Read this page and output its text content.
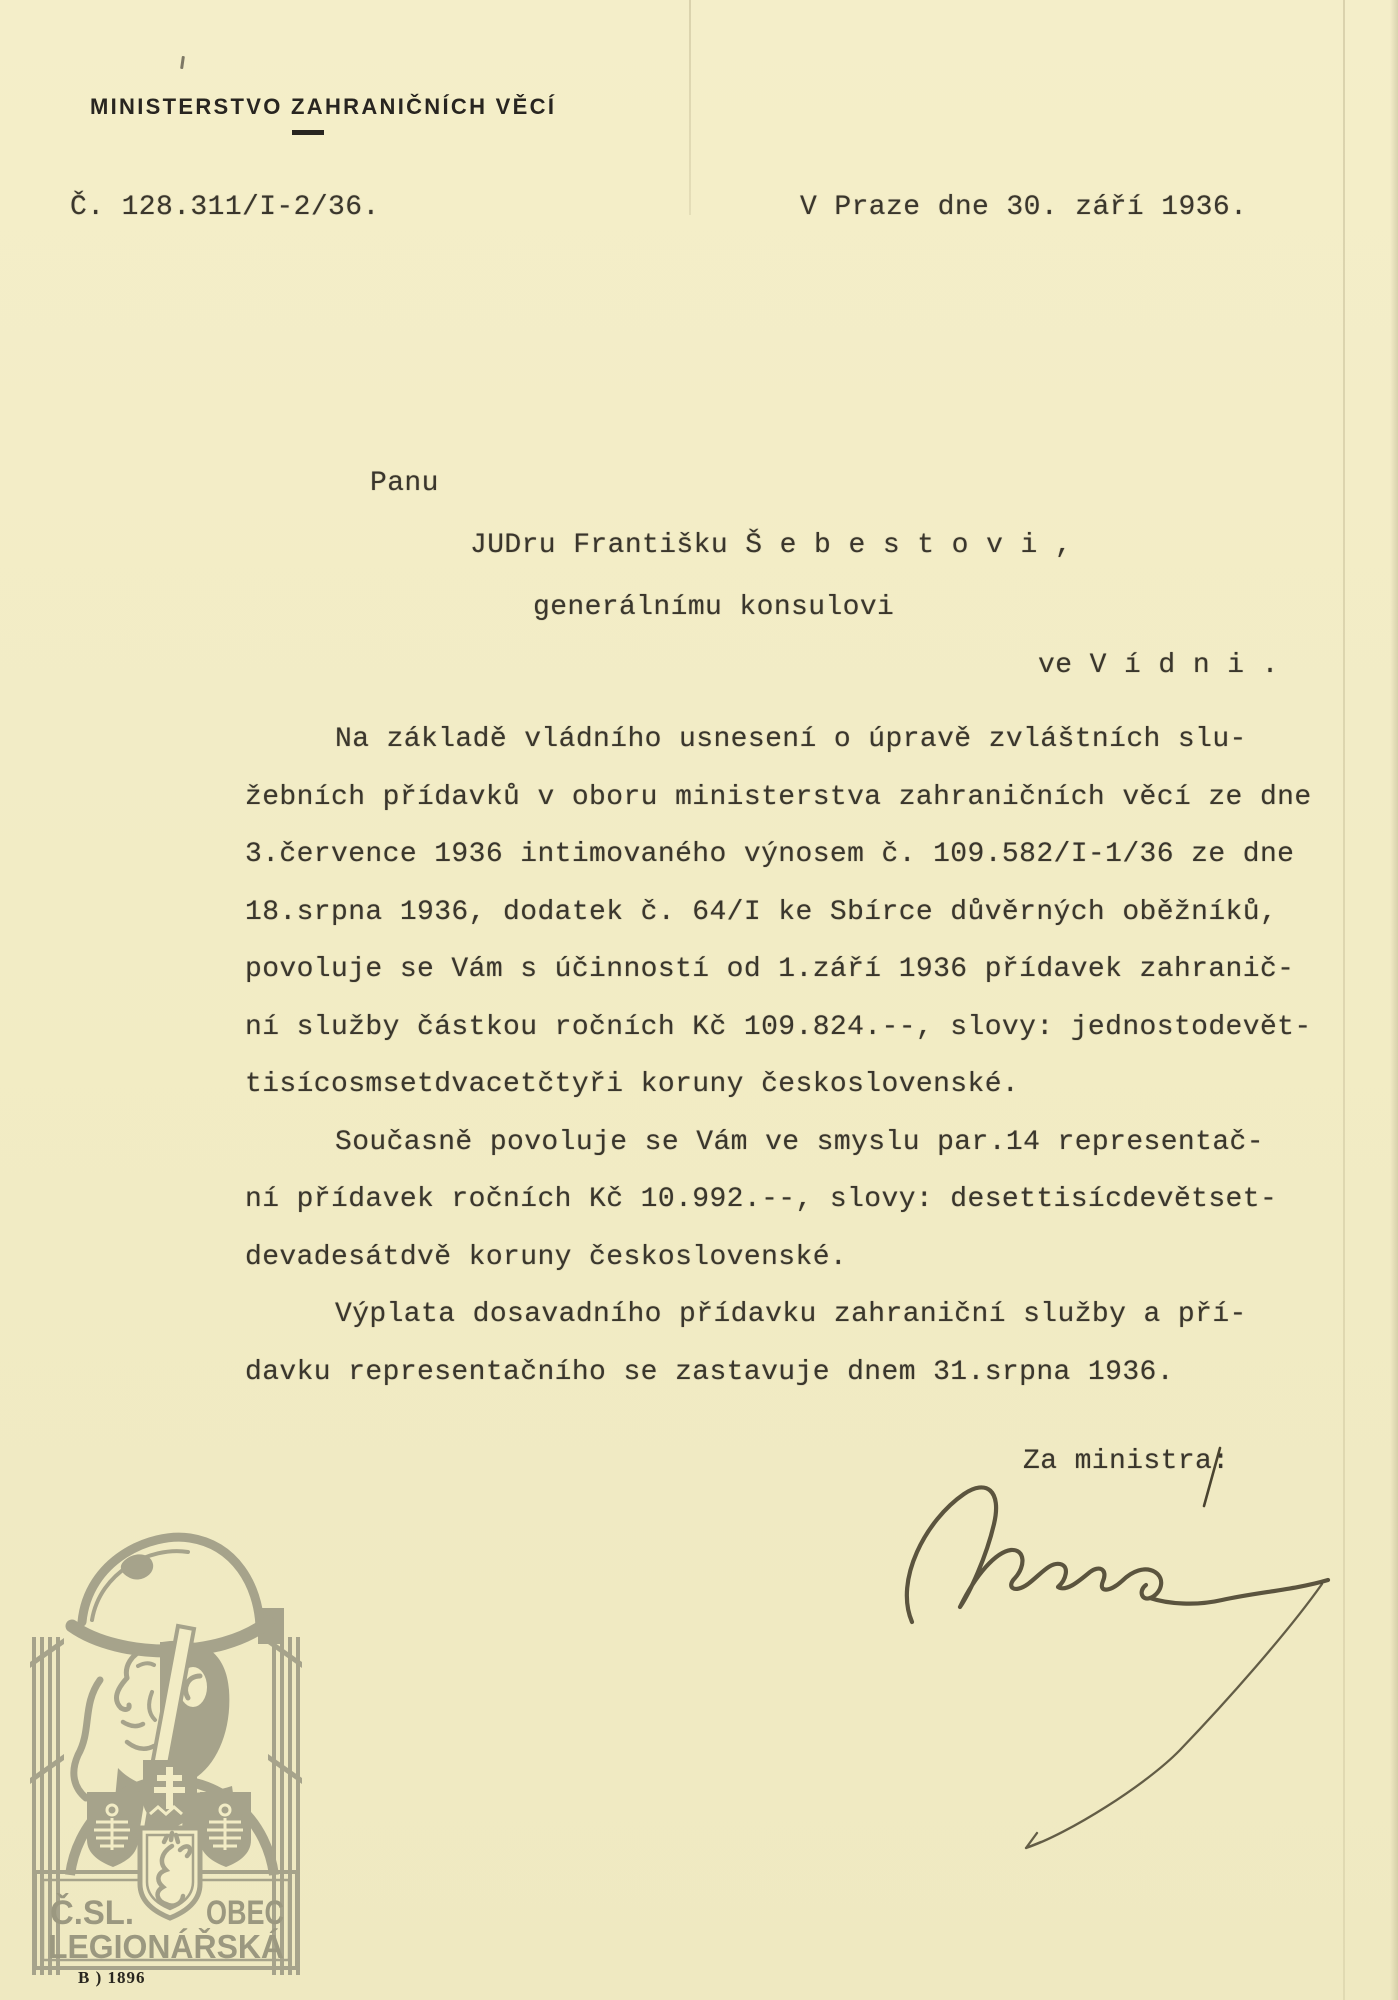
MINISTERSTVO ZAHRANIČNÍCH VĚCÍ
Č. 128.311/I-2/36.	V Praze dne 30. září 1936.
Panu
JUDru Františku Š e b e s t o v i ,
generálnímu konsulovi
ve V í d n i .
Na základě vládního usnesení o úpravě zvláštních slu-
žebních přídavků v oboru ministerstva zahraničních věcí ze dne
3.července 1936 intimovaného výnosem č. 109.582/I-1/36 ze dne
18.srpna 1936, dodatek č. 64/I ke Sbírce důvěrných oběžníků,
povoluje se Vám s účinností od 1.září 1936 přídavek zahranič-
ní služby částkou ročních Kč 109.824.--, slovy: jednostodevět-
tisícosmsetdvacetčtyři koruny československé.
Současně povoluje se Vám ve smyslu par.14 representač-
ní přídavek ročních Kč 10.992.--, slovy: desettisícdevětset-
devadesátdvě koruny československé.
Výplata dosavadního přídavku zahraniční služby a pří-
davku representačního se zastavuje dnem 31.srpna 1936.
Za ministra:
Č.SL. OBEC
LEGIONÁŘSKÁ
B ) 1896
